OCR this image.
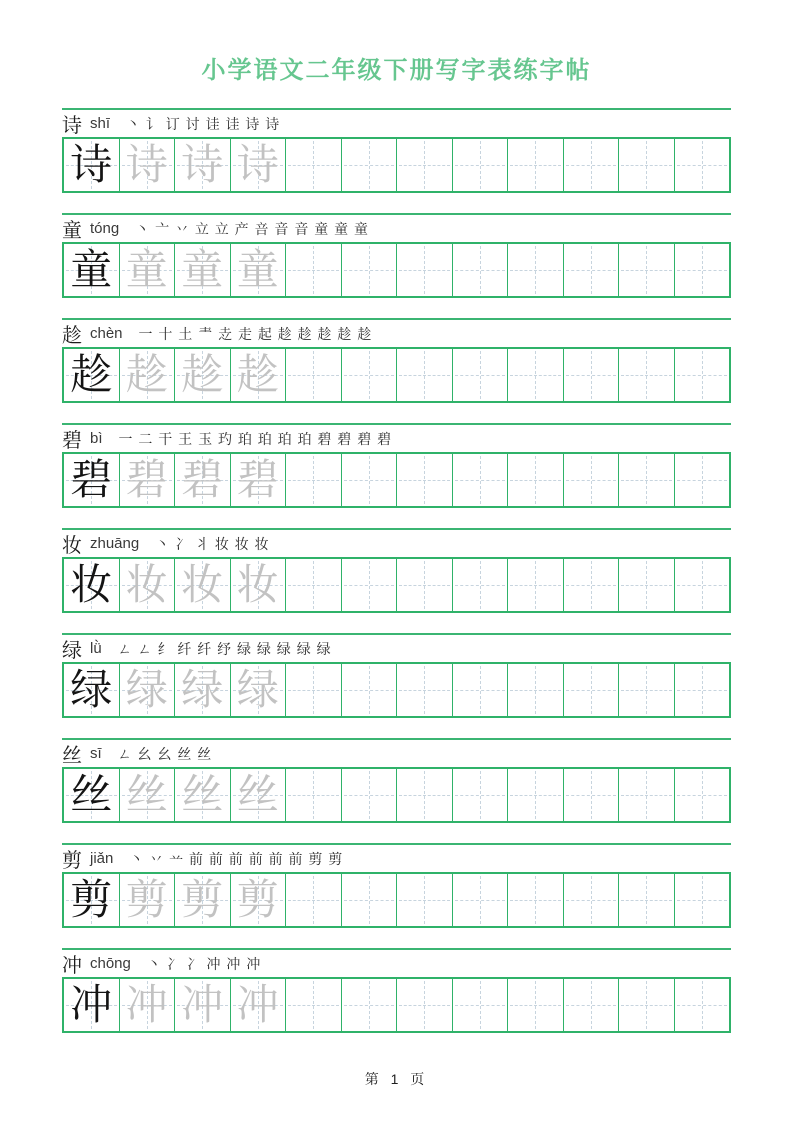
小学语文二年级下册写字表练字帖
诗 shī 丶 讠 订 讨 诖 诖 诗 诗
诗 诗 诗 诗
童 tóng 丶 亠 丷 立 立 产 咅 音 音 童 童 童
童 童 童 童
趁 chèn 一 十 土 龶 赱 走 起 趁 趁 趁 趁 趁
趁 趁 趁 趁
碧 bì 一 二 干 王 玉 玓 珀 珀 珀 珀 碧 碧 碧 碧
碧 碧 碧 碧
妆 zhuāng 丶 冫 丬 妆 妆 妆
妆 妆 妆 妆
绿 lǜ ㄥ ㄥ 纟 纤 纤 纾 绿 绿 绿 绿 绿
绿 绿 绿 绿
丝 sī ㄥ 幺 幺 丝 丝
丝 丝 丝 丝
剪 jiǎn 丶 丷 䒑 前 前 前 前 前 前 剪 剪
剪 剪 剪 剪
冲 chōng 丶 冫 冫 冲 冲 冲
冲 冲 冲 冲
第 1 页
